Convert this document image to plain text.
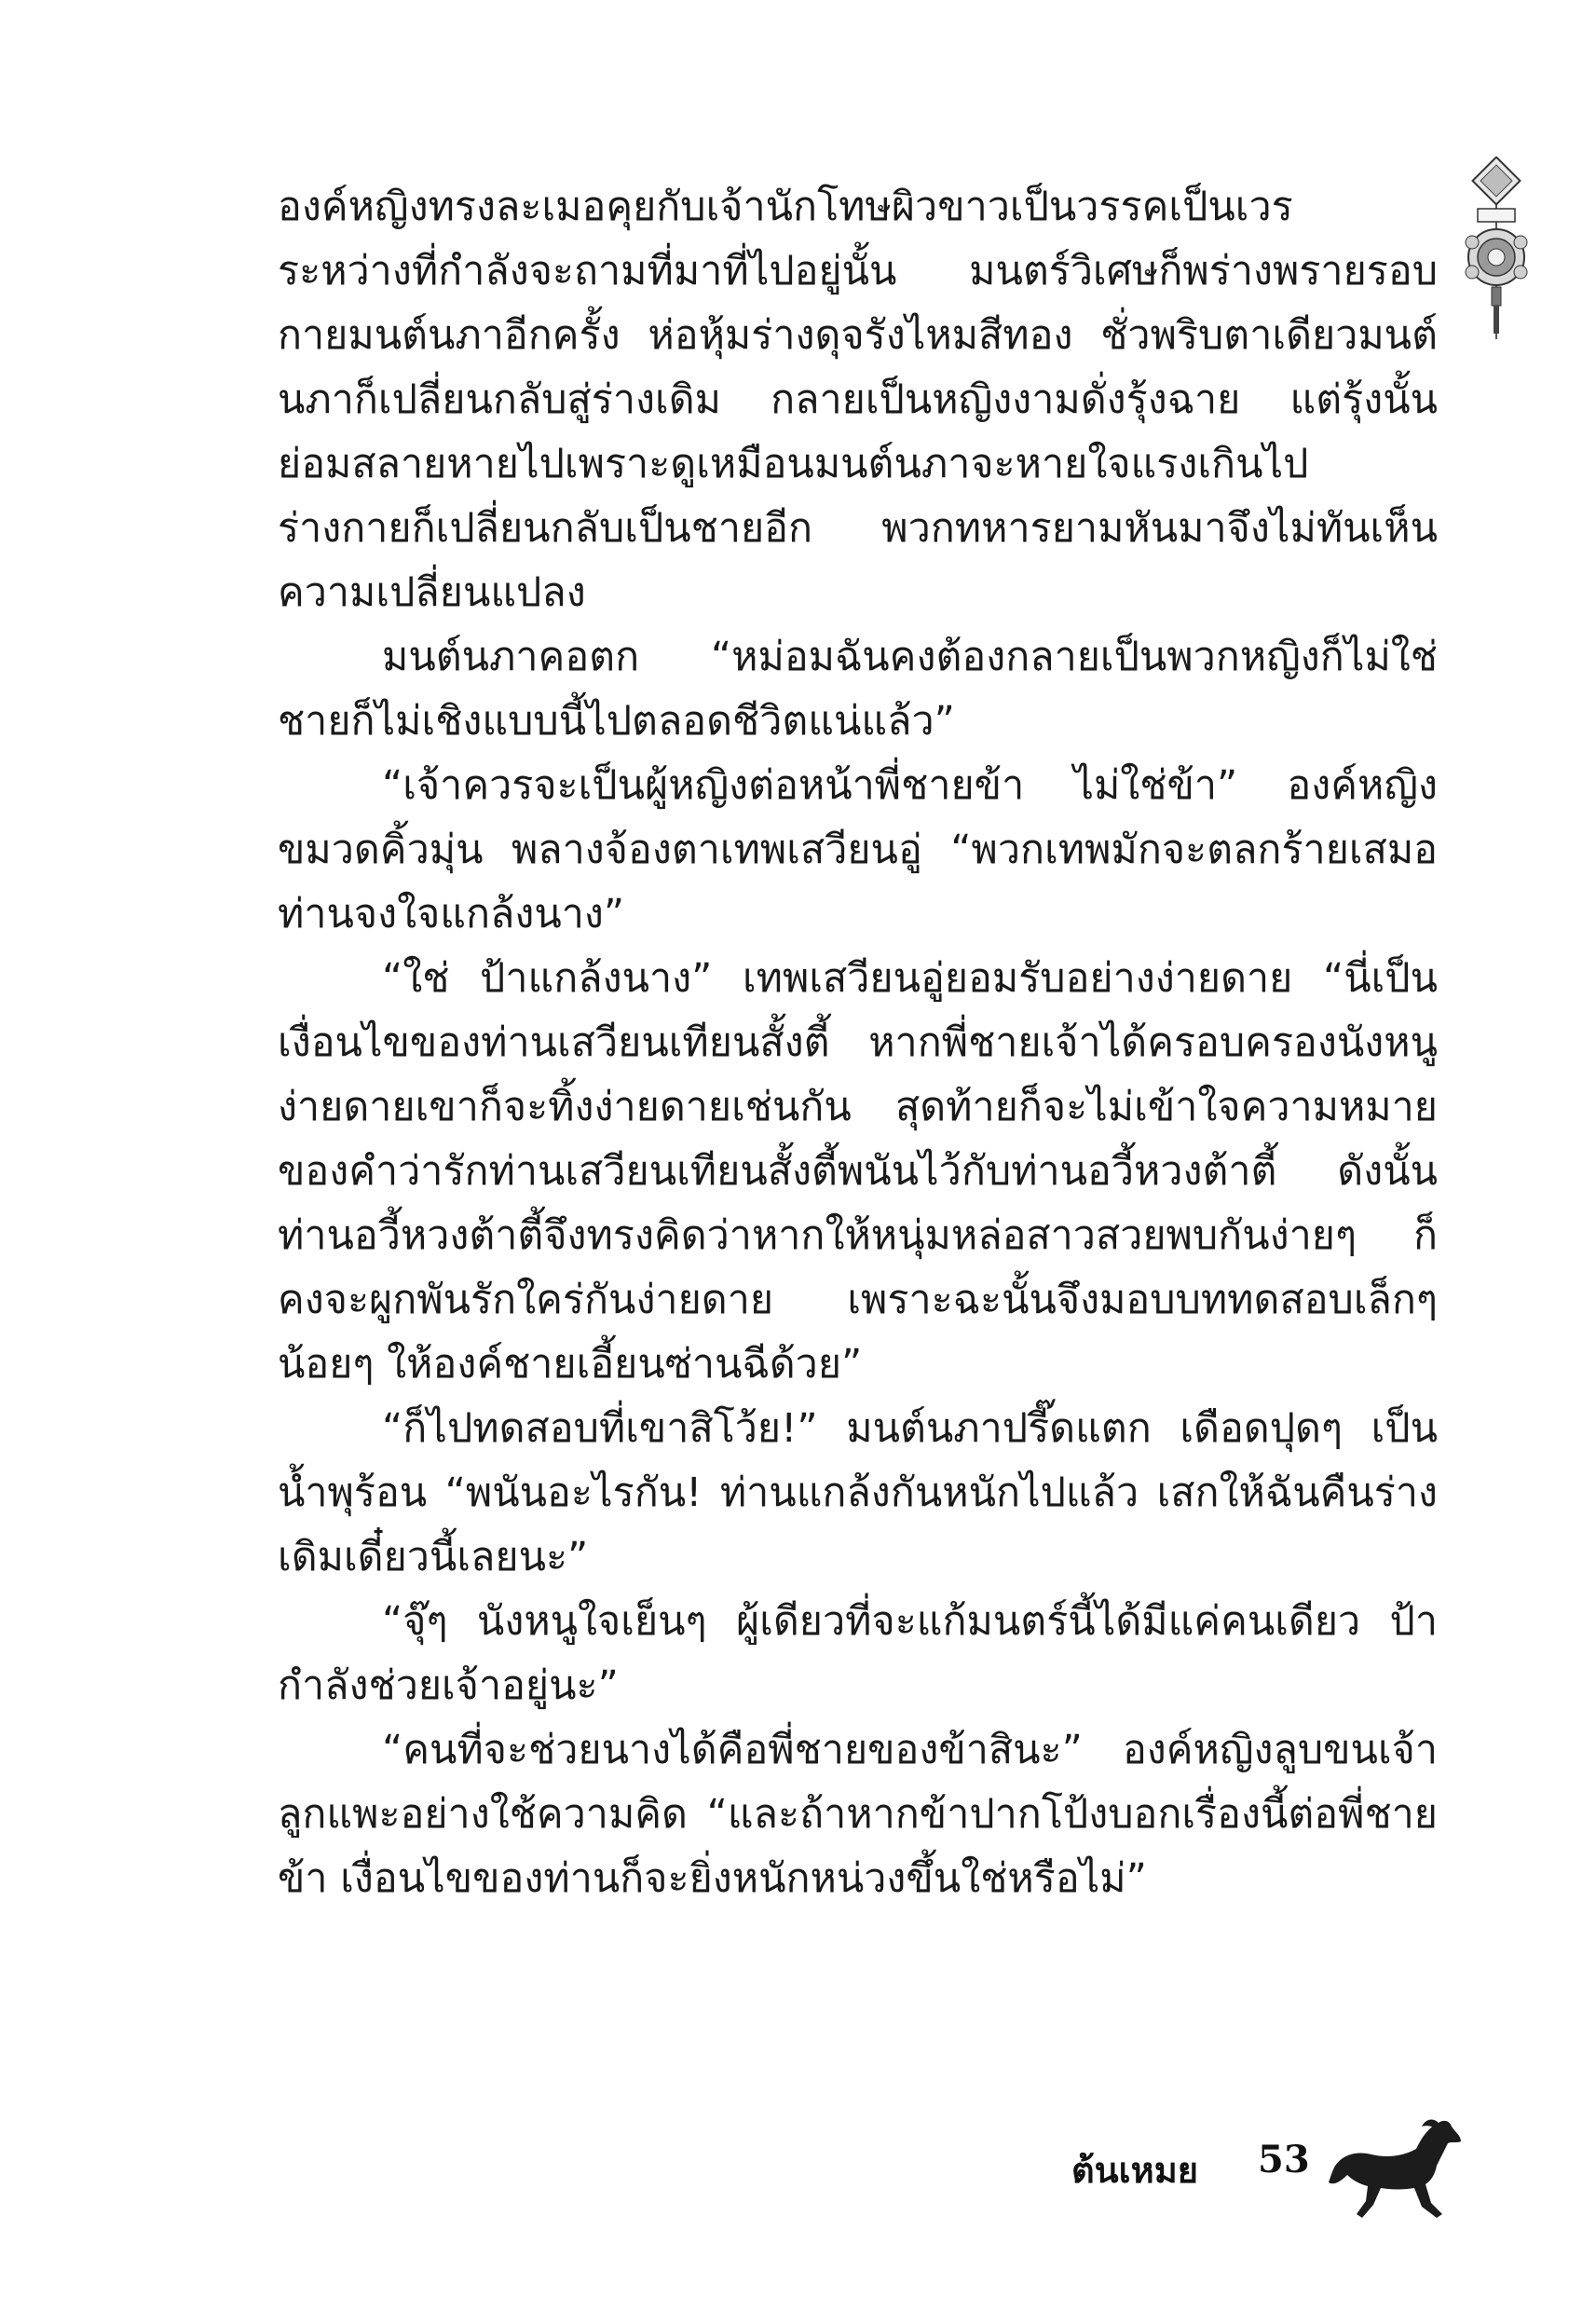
องค์หญิงทรงละเมอคุยกับเจ้านักโทษผิวขาวเป็นวรรคเป็นเวร ระหว่างที่กำลังจะถามที่มาที่ไปอยู่นั้น มนตร์วิเศษก็พร่างพรายรอบกายมนต์นภาอีกครั้ง ห่อหุ้มร่างดุจรังไหมสีทอง ชั่วพริบตาเดียวมนต์นภาก็เปลี่ยนกลับสู่ร่างเดิม กลายเป็นหญิงงามดั่งรุ้งฉาย แต่รุ้งนั้นย่อมสลายหายไปเพราะดูเหมือนมนต์นภาจะหายใจแรงเกินไป ร่างกายก็เปลี่ยนกลับเป็นชายอีก พวกทหารยามหันมาจึงไม่ทันเห็นความเปลี่ยนแปลง

มนต์นภาคอตก “หม่อมฉันคงต้องกลายเป็นพวกหญิงก็ไม่ใช่ชายก็ไม่เชิงแบบนี้ไปตลอดชีวิตแน่แล้ว”

“เจ้าควรจะเป็นผู้หญิงต่อหน้าพี่ชายข้า ไม่ใช่ข้า” องค์หญิงขมวดคิ้วมุ่น พลางจ้องตาเทพเสวียนอู่ “พวกเทพมักจะตลกร้ายเสมอ ท่านจงใจแกล้งนาง”

“ใช่ ป้าแกล้งนาง” เทพเสวียนอู่ยอมรับอย่างง่ายดาย “นี่เป็นเงื่อนไขของท่านเสวียนเทียนสั้งตี้ หากพี่ชายเจ้าได้ครอบครองนังหนูง่ายดายเขาก็จะทิ้งง่ายดายเช่นกัน สุดท้ายก็จะไม่เข้าใจความหมายของคำว่ารักท่านเสวียนเทียนสั้งตี้พนันไว้กับท่านอวี้หวงต้าตี้ ดังนั้นท่านอวี้หวงต้าตี้จึงทรงคิดว่าหากให้หนุ่มหล่อสาวสวยพบกันง่ายๆ ก็คงจะผูกพันรักใคร่กันง่ายดาย เพราะฉะนั้นจึงมอบบททดสอบเล็กๆ น้อยๆ ให้องค์ชายเอี้ยนซ่านฉีด้วย”

“ก็ไปทดสอบที่เขาสิโว้ย!” มนต์นภาปรี๊ดแตก เดือดปุดๆ เป็นน้ำพุร้อน “พนันอะไรกัน! ท่านแกล้งกันหนักไปแล้ว เสกให้ฉันคืนร่างเดิมเดี๋ยวนี้เลยนะ”

“จุ๊ๆ นังหนูใจเย็นๆ ผู้เดียวที่จะแก้มนตร์นี้ได้มีแค่คนเดียว ป้ากำลังช่วยเจ้าอยู่นะ”

“คนที่จะช่วยนางได้คือพี่ชายของข้าสินะ” องค์หญิงลูบขนเจ้าลูกแพะอย่างใช้ความคิด “และถ้าหากข้าปากโป้งบอกเรื่องนี้ต่อพี่ชายข้า เงื่อนไขของท่านก็จะยิ่งหนักหน่วงขึ้นใช่หรือไม่”

ต้นเหมย 53
